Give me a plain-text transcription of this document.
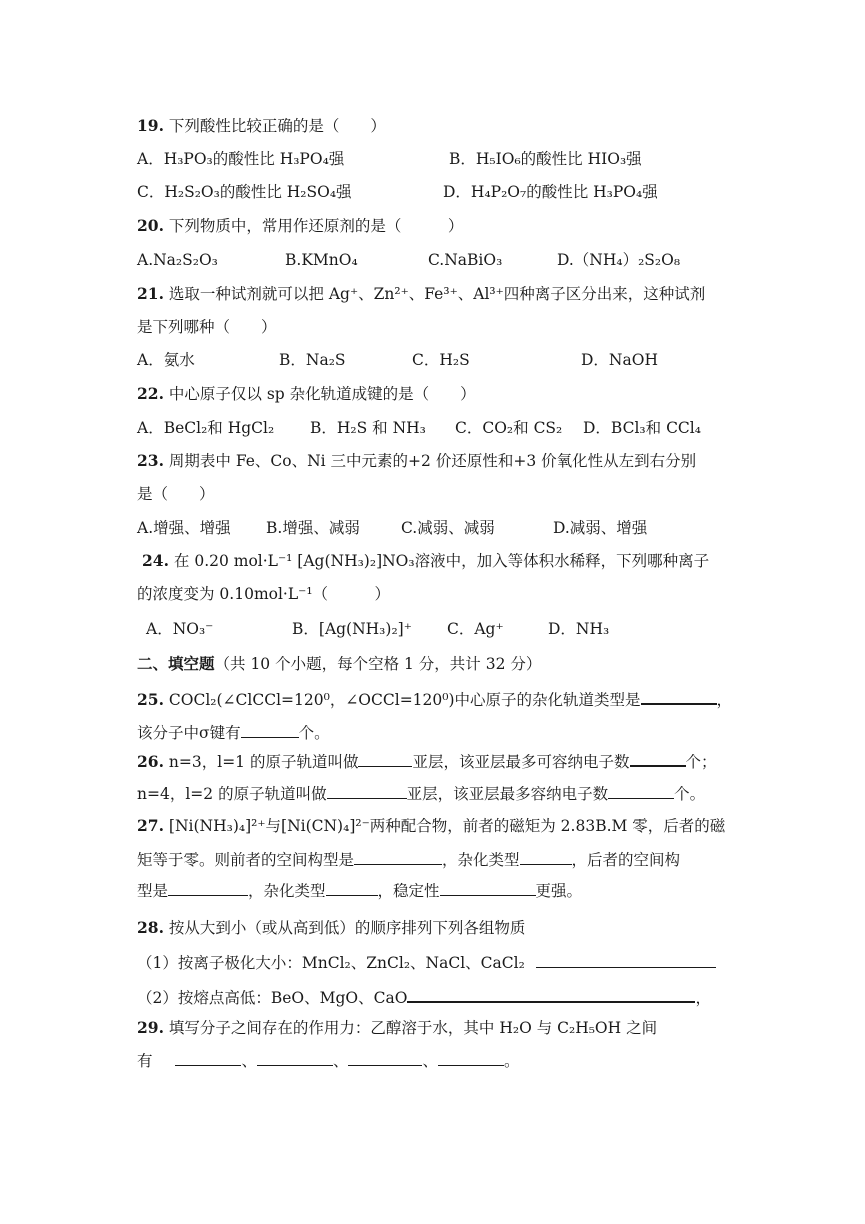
19. 下列酸性比较正确的是（　　）
A．H₃PO₃的酸性比 H₃PO₄强	B．H₅IO₆的酸性比 HIO₃强
C．H₂S₂O₃的酸性比 H₂SO₄强	D．H₄P₂O₇的酸性比 H₃PO₄强
20. 下列物质中，常用作还原剂的是（　　　）
A.Na₂S₂O₃	B.KMnO₄	C.NaBiO₃	D.（NH₄）₂S₂O₈
21. 选取一种试剂就可以把 Ag⁺、Zn²⁺、Fe³⁺、Al³⁺四种离子区分出来，这种试剂
是下列哪种（　　）
A．氨水	B．Na₂S	C．H₂S	D．NaOH
22. 中心原子仅以 sp 杂化轨道成键的是（　　）
A．BeCl₂和 HgCl₂ B．H₂S 和 NH₃ C．CO₂和 CS₂ D．BCl₃和 CCl₄
23. 周期表中 Fe、Co、Ni 三中元素的+2 价还原性和+3 价氧化性从左到右分别
是（　　）
A.增强、增强 B.增强、减弱	C.减弱、减弱	D.减弱、增强
24. 在 0.20 mol·L⁻¹ [Ag(NH₃)₂]NO₃溶液中，加入等体积水稀释，下列哪种离子
的浓度变为 0.10mol·L⁻¹（　　　）
A．NO₃⁻	B．[Ag(NH₃)₂]⁺ C．Ag⁺	D．NH₃
二、填空题（共 10 个小题，每个空格 1 分，共计 32 分）
25. COCl₂(∠ClCCl=120⁰，∠OCCl=120⁰)中心原子的杂化轨道类型是	，
该分子中σ键有	个。
26. n=3，l=1 的原子轨道叫做	亚层，该亚层最多可容纳电子数	个；
n=4，l=2 的原子轨道叫做	亚层，该亚层最多容纳电子数	个。
27. [Ni(NH₃)₄]²⁺与[Ni(CN)₄]²⁻两种配合物，前者的磁矩为 2.83B.M 零，后者的磁
矩等于零。则前者的空间构型是	，杂化类型	，后者的空间构
型是	，杂化类型	，稳定性	更强。
28. 按从大到小（或从高到低）的顺序排列下列各组物质
（1）按离子极化大小：MnCl₂、ZnCl₂、NaCl、CaCl₂
（2）按熔点高低：BeO、MgO、CaO	，
29. 填写分子之间存在的作用力：乙醇溶于水，其中 H₂O 与 C₂H₅OH 之间
有	、	、	、	。
